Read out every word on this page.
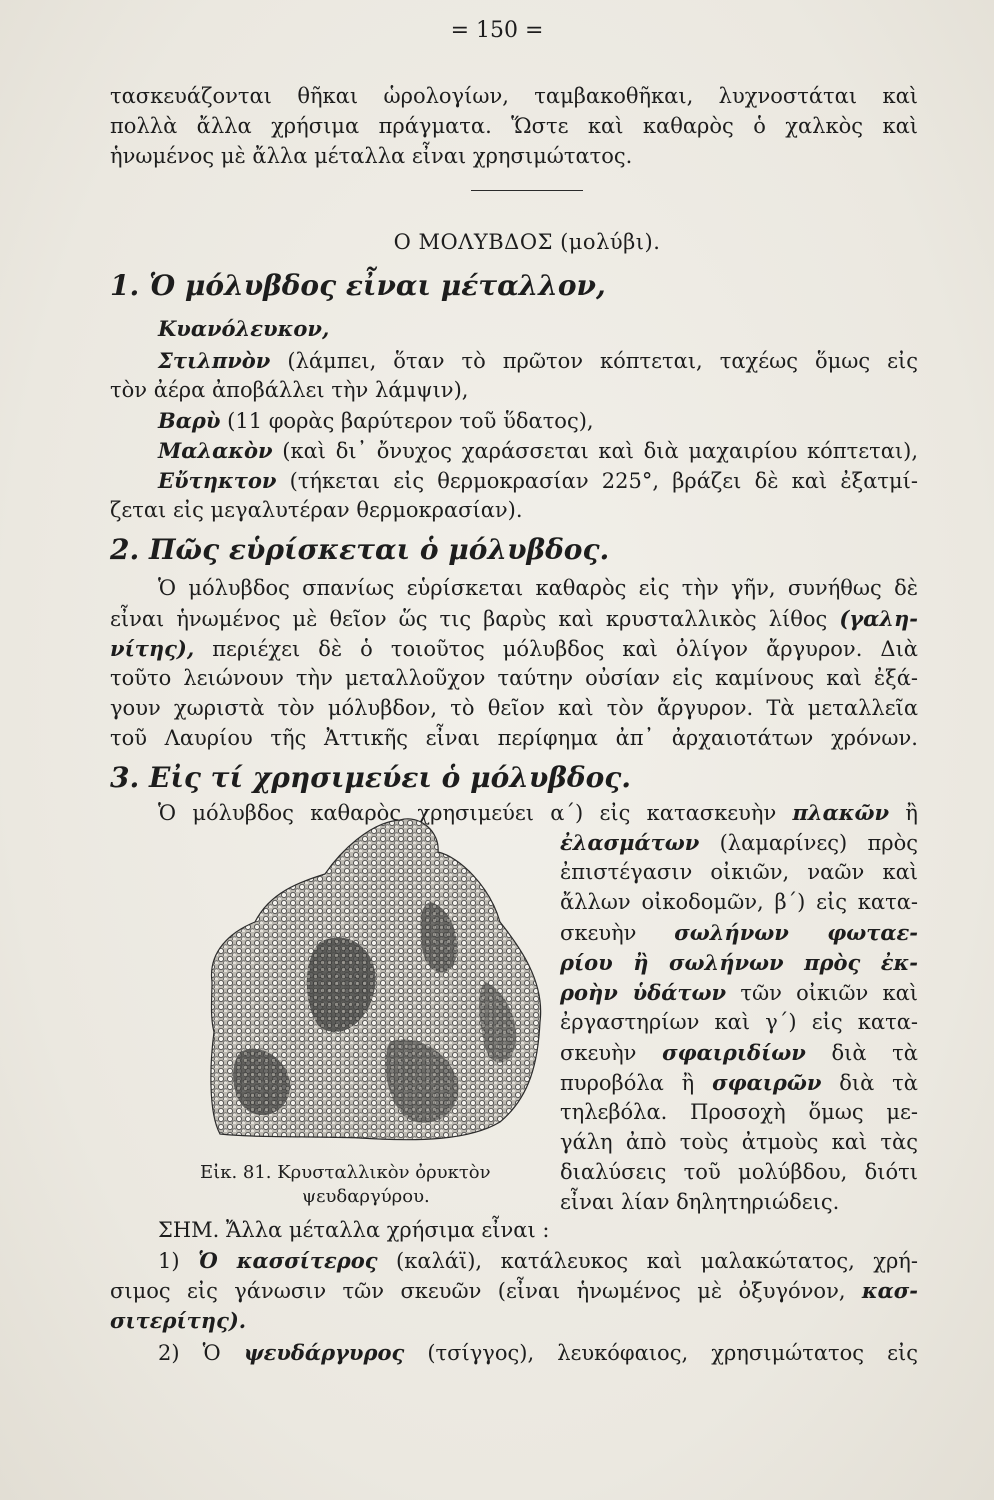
= 150 =
τασκευάζονται θῆκαι ὡρολογίων, ταμβακοθῆκαι, λυχνοστάται καὶ
πολλὰ ἄλλα χρήσιμα πράγματα. Ὥστε καὶ καθαρὸς ὁ χαλκὸς καὶ
ἡνωμένος μὲ ἄλλα μέταλλα εἶναι χρησιμώτατος.
Ο ΜΟΛΥΒΔΟΣ (μολύβι).
1. Ὁ μόλυβδος εἶναι μέταλλον,
Κυανόλευκον,
Στιλπνὸν (λάμπει, ὅταν τὸ πρῶτον κόπτεται, ταχέως ὅμως εἰς
τὸν ἀέρα ἀποβάλλει τὴν λάμψιν),
Βαρὺ (11 φορὰς βαρύτερον τοῦ ὕδατος),
Μαλακὸν (καὶ δι᾽ ὄνυχος χαράσσεται καὶ διὰ μαχαιρίου κόπτεται),
Εὔτηκτον (τήκεται εἰς θερμοκρασίαν 225°, βράζει δὲ καὶ ἐξατμί-
ζεται εἰς μεγαλυτέραν θερμοκρασίαν).
2. Πῶς εὑρίσκεται ὁ μόλυβδος.
Ὁ μόλυβδος σπανίως εὑρίσκεται καθαρὸς εἰς τὴν γῆν, συνήθως δὲ
εἶναι ἡνωμένος μὲ θεῖον ὥς τις βαρὺς καὶ κρυσταλλικὸς λίθος (γαλη-
νίτης), περιέχει δὲ ὁ τοιοῦτος μόλυβδος καὶ ὀλίγον ἄργυρον. Διὰ
τοῦτο λειώνουν τὴν μεταλλοῦχον ταύτην οὐσίαν εἰς καμίνους καὶ ἐξά-
γουν χωριστὰ τὸν μόλυβδον, τὸ θεῖον καὶ τὸν ἄργυρον. Τὰ μεταλλεῖα
τοῦ Λαυρίου τῆς Ἀττικῆς εἶναι περίφημα ἀπ᾽ ἀρχαιοτάτων χρόνων.
3. Εἰς τί χρησιμεύει ὁ μόλυβδος.
Ὁ μόλυβδος καθαρὸς χρησιμεύει α΄) εἰς κατασκευὴν πλακῶν ἢ
ἐλασμάτων (λαμαρίνες) πρὸς
ἐπιστέγασιν οἰκιῶν, ναῶν καὶ
ἄλλων οἰκοδομῶν, β΄) εἰς κατα-
σκευὴν σωλήνων φωταε-
ρίου ἢ σωλήνων πρὸς ἐκ-
ροὴν ὑδάτων τῶν οἰκιῶν καὶ
ἐργαστηρίων καὶ γ΄) εἰς κατα-
σκευὴν σφαιριδίων διὰ τὰ
πυροβόλα ἢ σφαιρῶν διὰ τὰ
τηλεβόλα. Προσοχὴ ὅμως με-
γάλη ἀπὸ τοὺς ἀτμοὺς καὶ τὰς
διαλύσεις τοῦ μολύβδου, διότι
εἶναι λίαν δηλητηριώδεις.
Εἰκ. 81. Κρυσταλλικὸν ὀρυκτὸν
ψευδαργύρου.
ΣΗΜ. Ἄλλα μέταλλα χρήσιμα εἶναι :
1) Ὁ κασσίτερος (καλάϊ), κατάλευκος καὶ μαλακώτατος, χρή-
σιμος εἰς γάνωσιν τῶν σκευῶν (εἶναι ἡνωμένος μὲ ὀξυγόνον, κασ-
σιτερίτης).
2) Ὁ ψευδάργυρος (τσίγγος), λευκόφαιος, χρησιμώτατος εἰς
